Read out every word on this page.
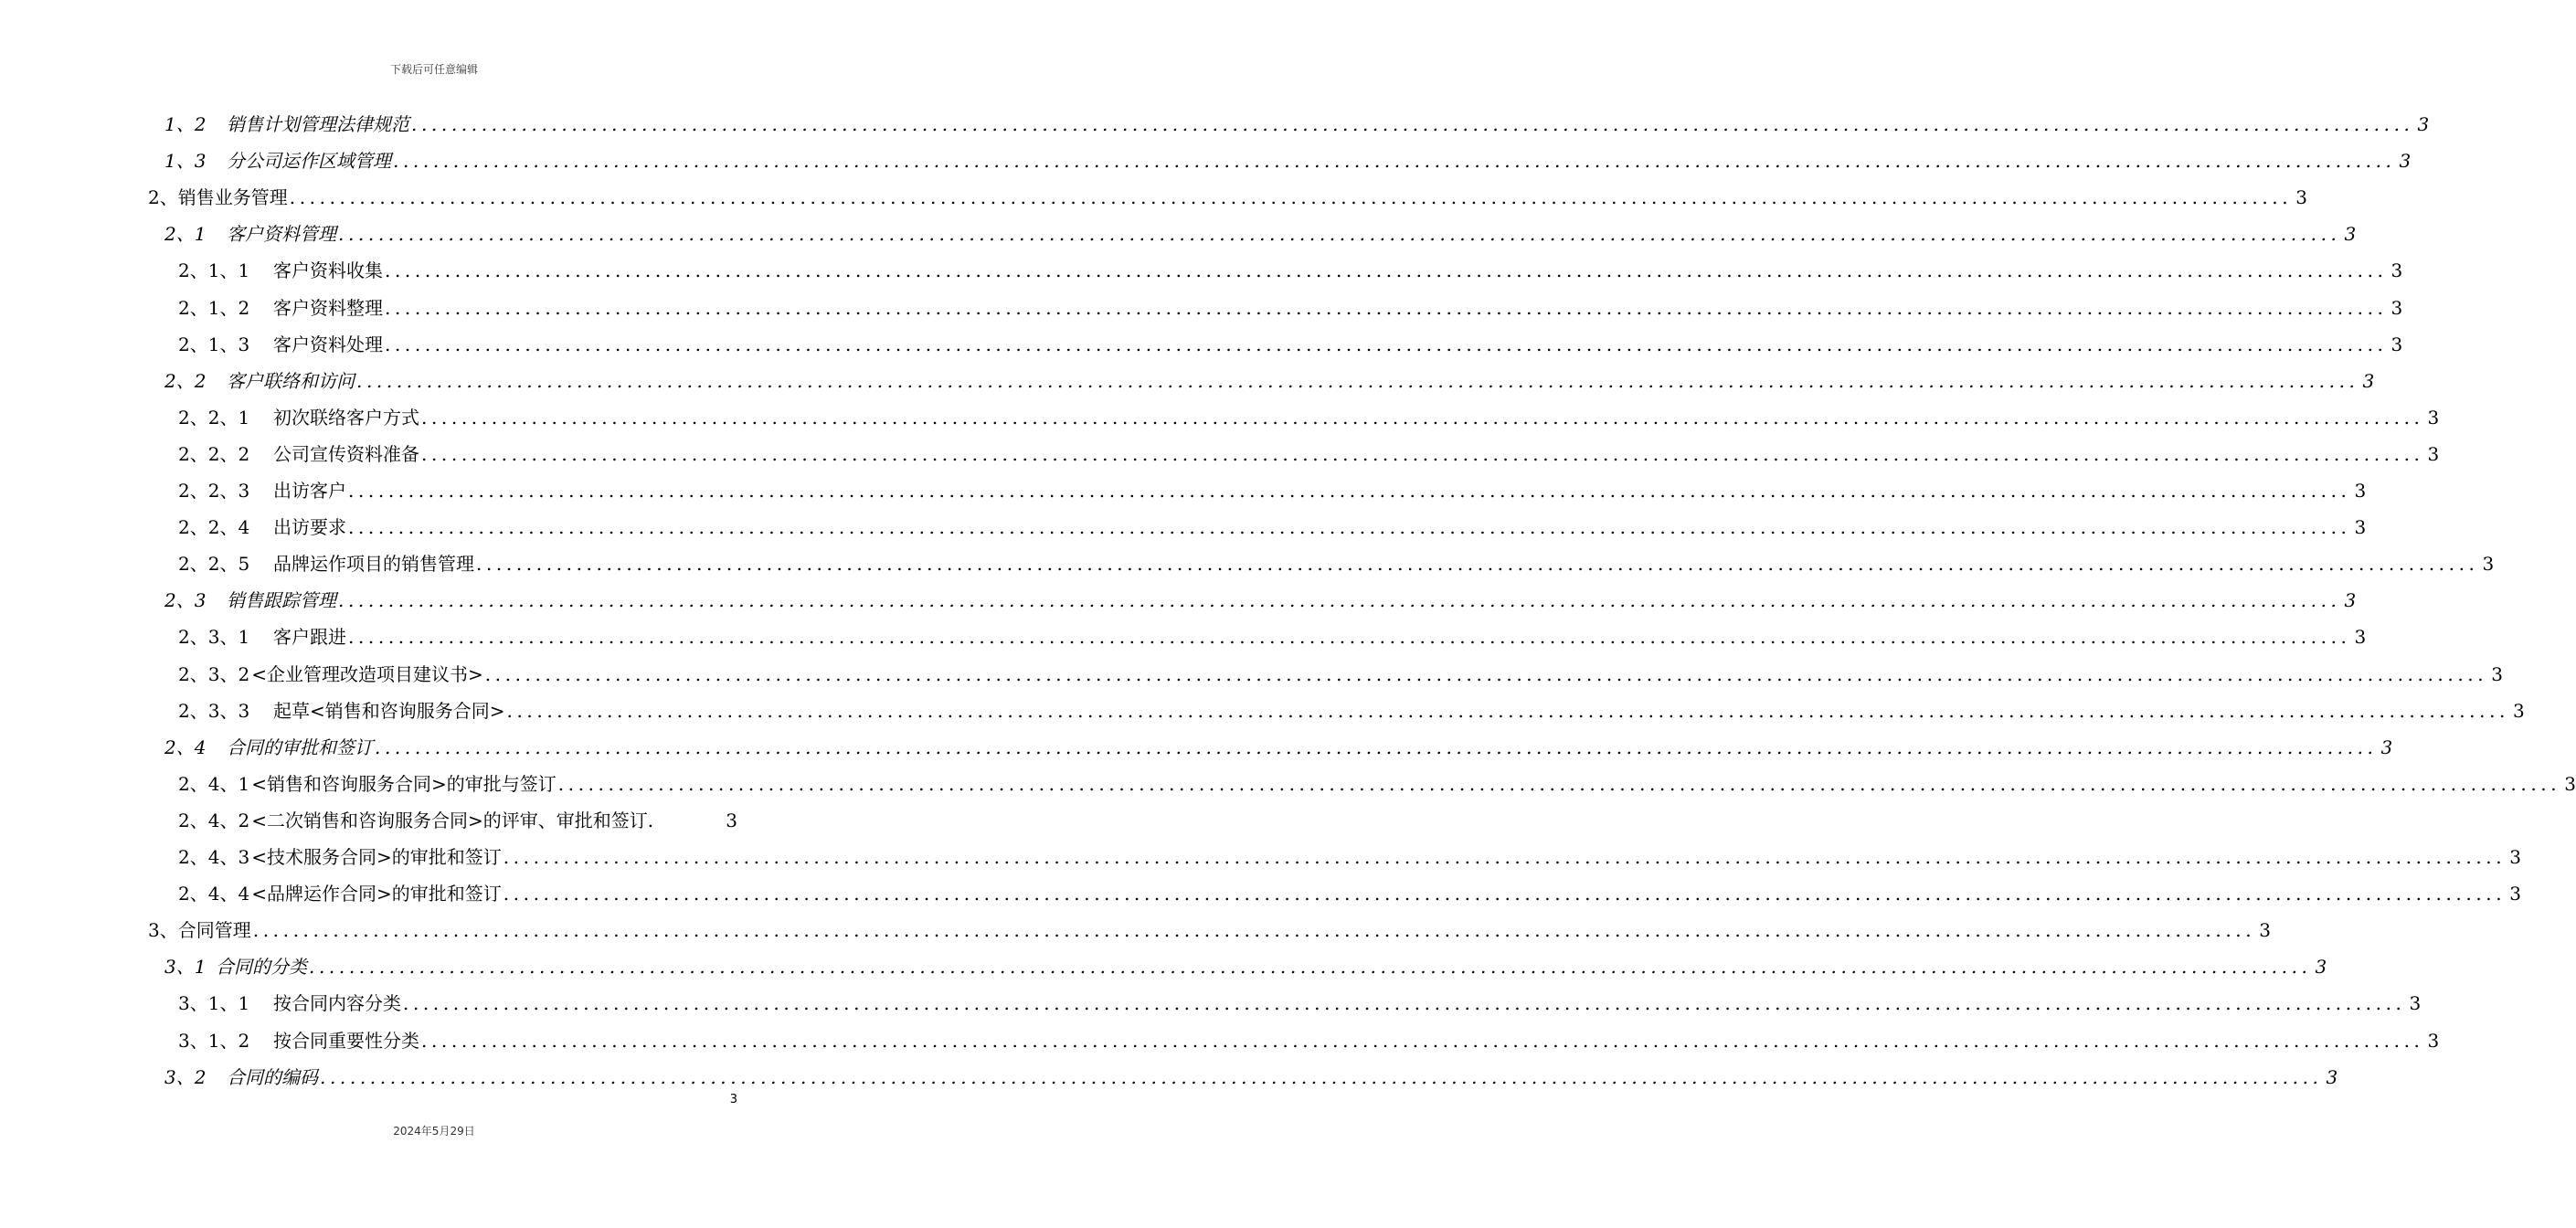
下载后可任意编辑
1、2	销售计划管理法律规范 ........................................................................................................................................................................................................ 3
1、3	分公司运作区域管理 ........................................................................................................................................................................................................ 3
2、 销售业务管理 ........................................................................................................................................................................................................ 3
2、1	客户资料管理 ........................................................................................................................................................................................................ 3
2、1、1	客户资料收集 ........................................................................................................................................................................................................ 3
2、1、2	客户资料整理 ........................................................................................................................................................................................................ 3
2、1、3	客户资料处理 ........................................................................................................................................................................................................ 3
2、2	客户联络和访问 ........................................................................................................................................................................................................ 3
2、2、1	初次联络客户方式 ........................................................................................................................................................................................................ 3
2、2、2	公司宣传资料准备 ........................................................................................................................................................................................................ 3
2、2、3	出访客户 ........................................................................................................................................................................................................ 3
2、2、4	出访要求 ........................................................................................................................................................................................................ 3
2、2、5	品牌运作项目的销售管理 ........................................................................................................................................................................................................ 3
2、3	销售跟踪管理 ........................................................................................................................................................................................................ 3
2、3、1	客户跟进 ........................................................................................................................................................................................................ 3
2、3、2 <企业管理改造项目建议书> ........................................................................................................................................................................................................ 3
2、3、3	起草<销售和咨询服务合同> ........................................................................................................................................................................................................ 3
2、4	合同的审批和签订 ........................................................................................................................................................................................................ 3
2、4、1 <销售和咨询服务合同>的审批与签订 ........................................................................................................................................................................................................ 3
2、4、2 <二次销售和咨询服务合同>的评审、审批和签订.	3
2、4、3 <技术服务合同>的审批和签订 ........................................................................................................................................................................................................ 3
2、4、4 <品牌运作合同>的审批和签订 ........................................................................................................................................................................................................ 3
3、 合同管理 ........................................................................................................................................................................................................ 3
3、1 合同的分类 ........................................................................................................................................................................................................ 3
3、1、1	按合同内容分类 ........................................................................................................................................................................................................ 3
3、1、2	按合同重要性分类 ........................................................................................................................................................................................................ 3
3、2	合同的编码 ........................................................................................................................................................................................................ 3
3
2024年5月29日
